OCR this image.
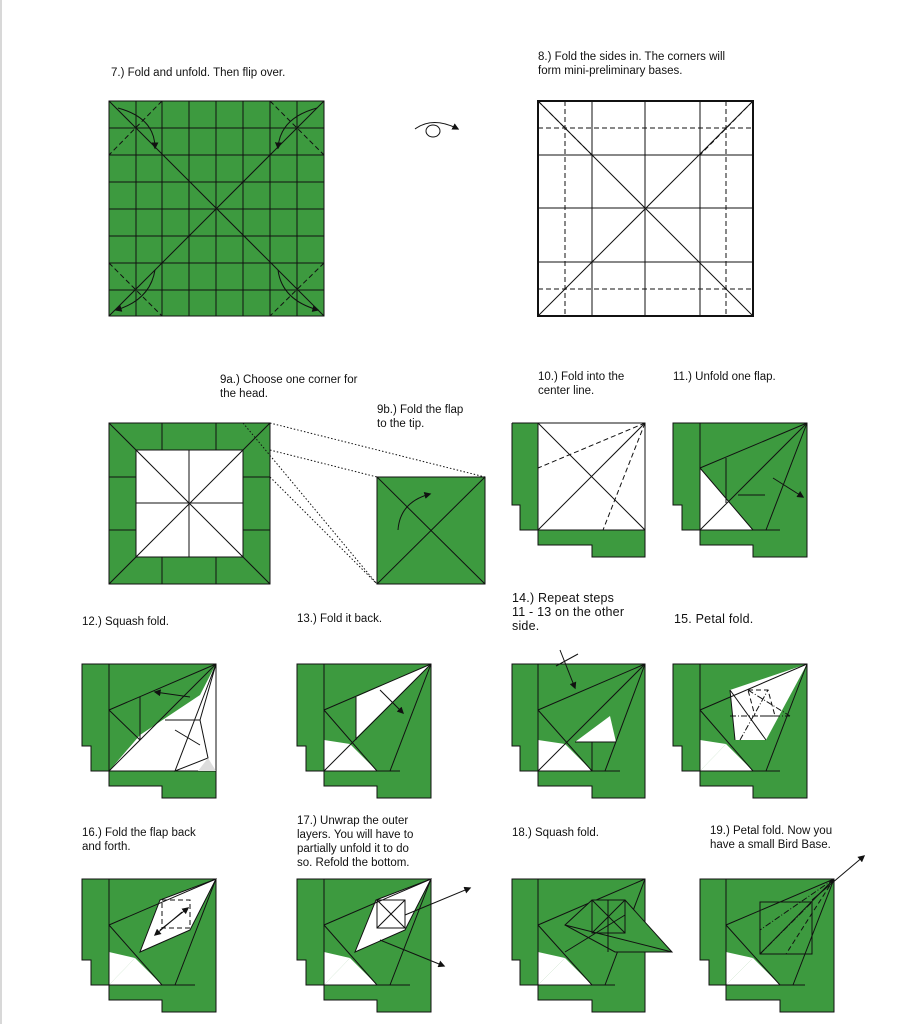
7.) Fold and unfold. Then flip over.
8.) Fold the sides in. The corners will
form mini-preliminary bases.
9a.) Choose one corner for
the head.
9b.) Fold the flap
to the tip.
10.) Fold into the
center line.
11.) Unfold one flap.
12.) Squash fold.	13.) Fold it back.
14.) Repeat steps
11 - 13 on the other
side.	15. Petal fold.
16.) Fold the flap back
and forth.
17.) Unwrap the outer
layers. You will have to
partially unfold it to do
so. Refold the bottom.
18.) Squash fold.	19.) Petal fold. Now you
have a small Bird Base.
